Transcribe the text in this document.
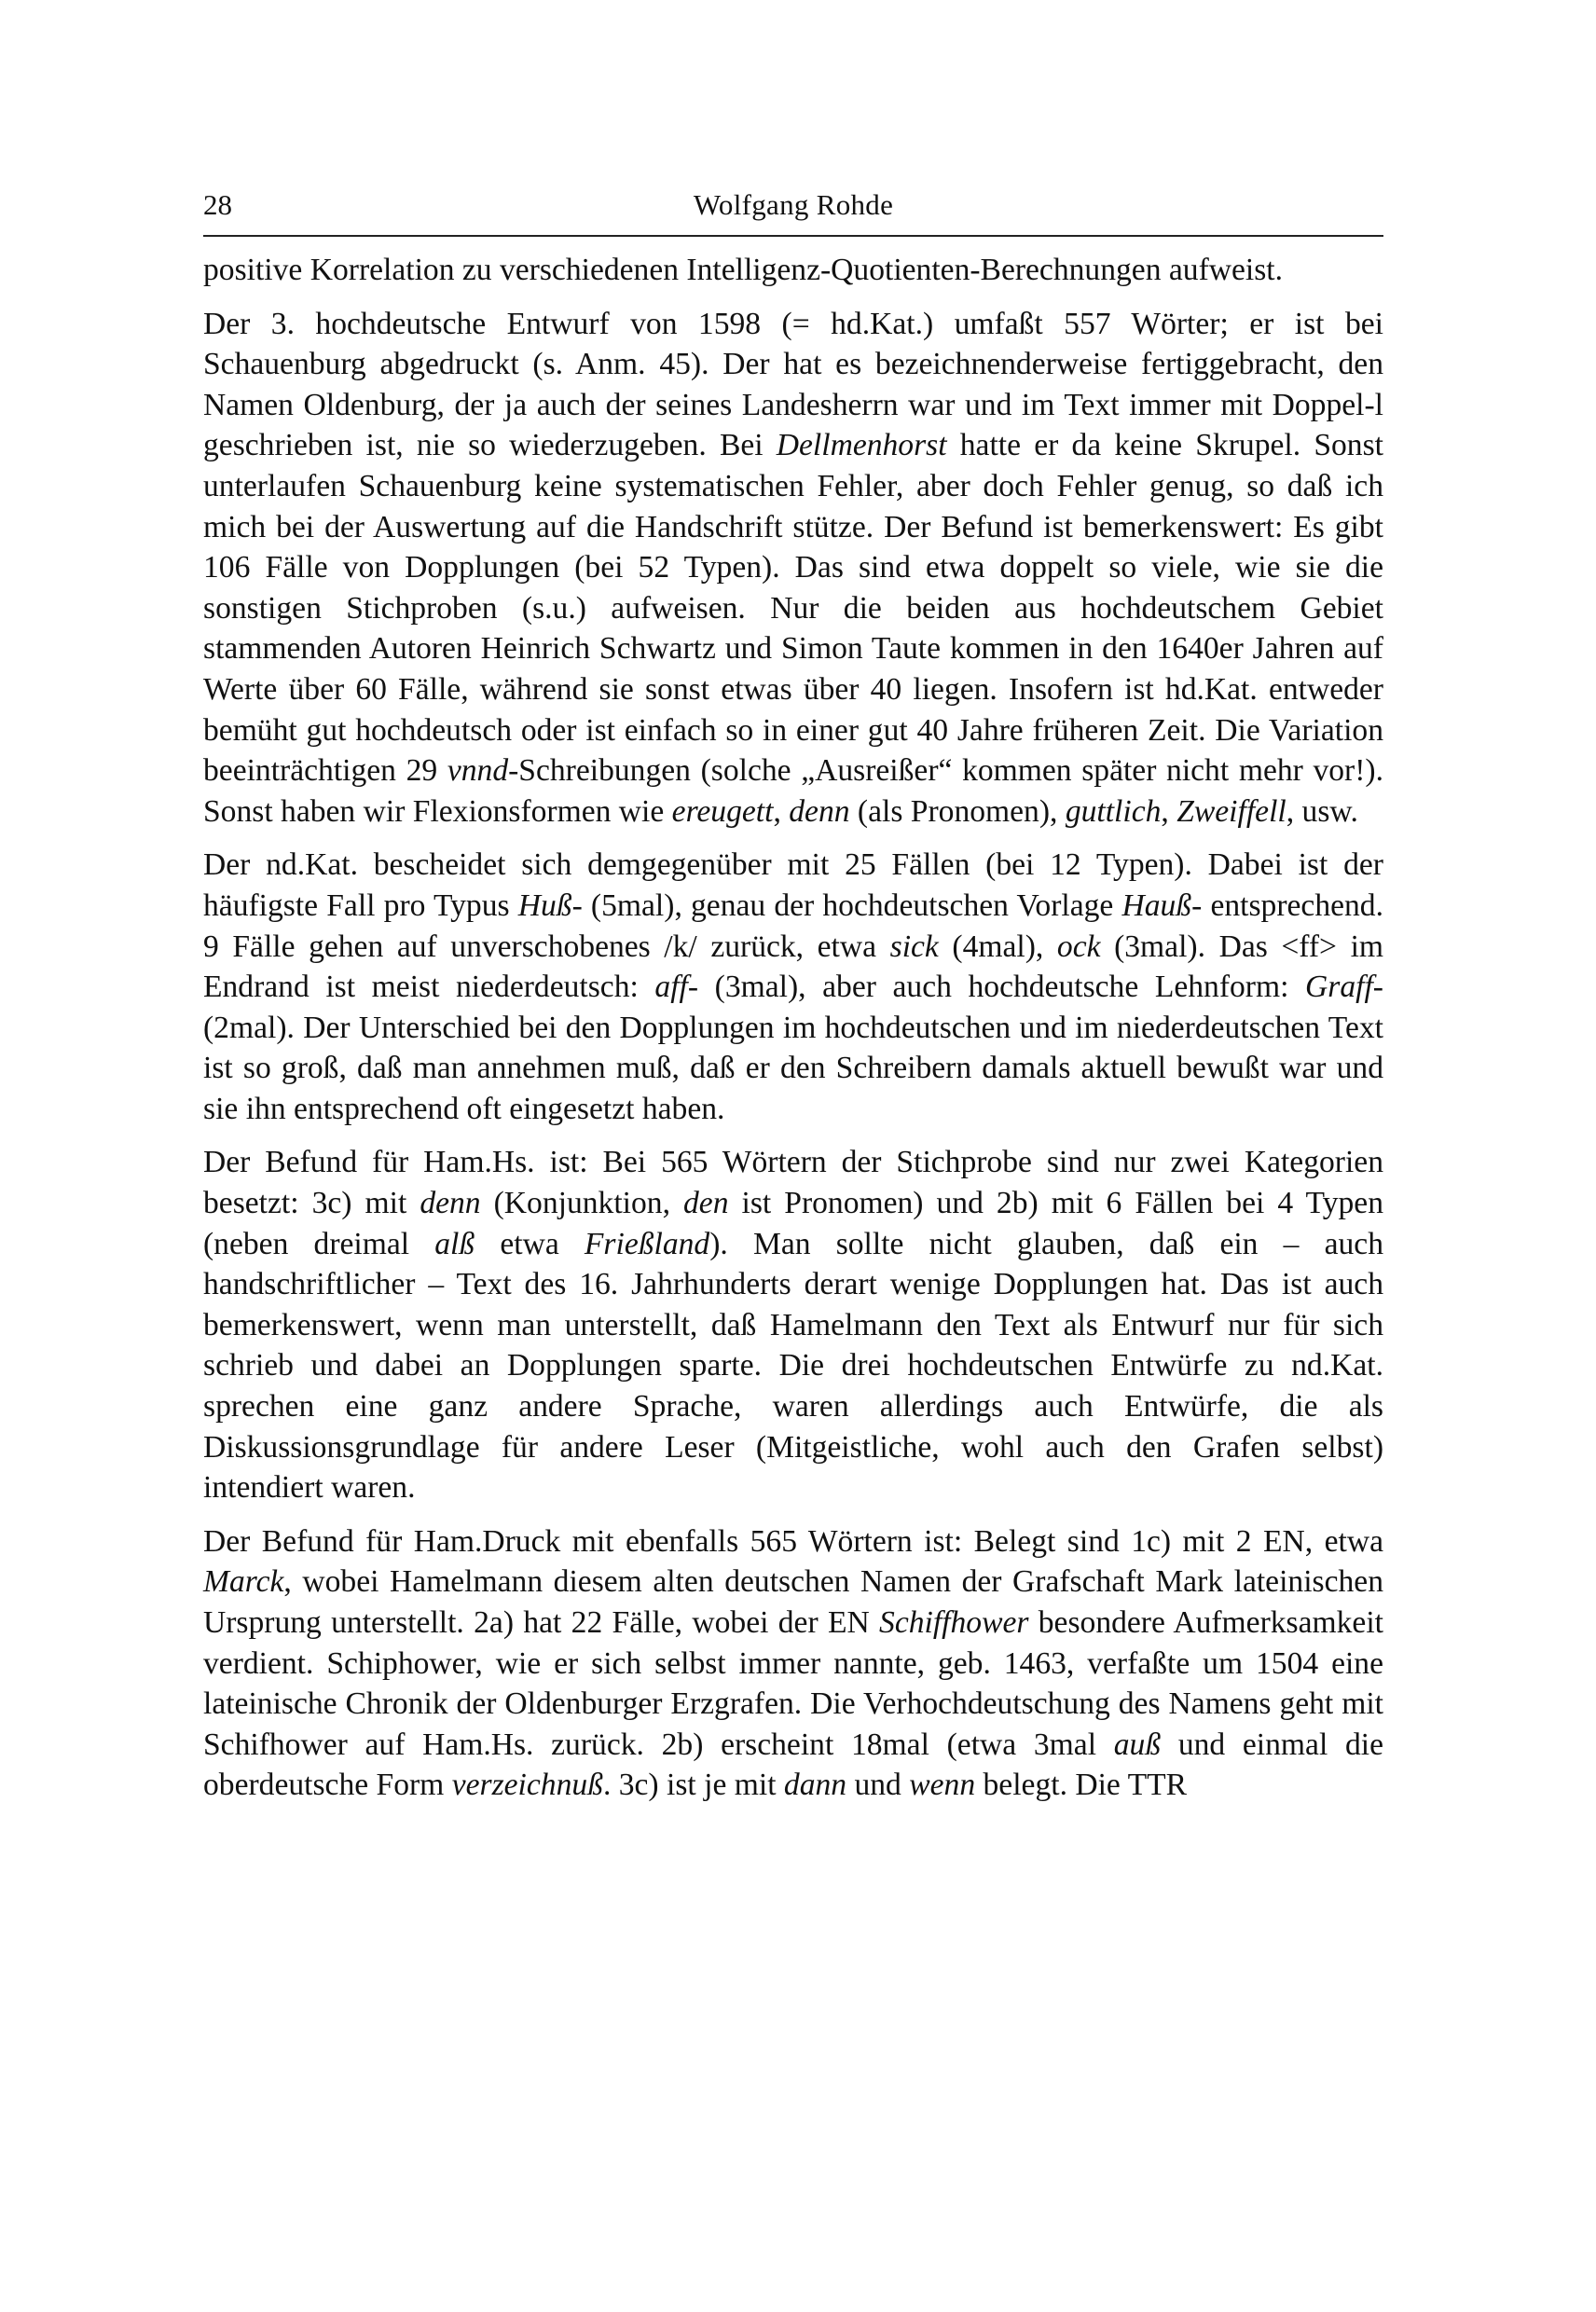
28	Wolfgang Rohde

positive Korrelation zu verschiedenen Intelligenz-Quotienten-Berechnungen aufweist.

Der 3. hochdeutsche Entwurf von 1598 (= hd.Kat.) umfaßt 557 Wörter; er ist bei Schauenburg abgedruckt (s. Anm. 45). Der hat es bezeichnenderweise fertiggebracht, den Namen Oldenburg, der ja auch der seines Landesherrn war und im Text immer mit Doppel-l geschrieben ist, nie so wiederzugeben. Bei Dellmenhorst hatte er da keine Skrupel. Sonst unterlaufen Schauenburg keine systematischen Fehler, aber doch Fehler genug, so daß ich mich bei der Auswertung auf die Handschrift stütze. Der Befund ist bemerkenswert: Es gibt 106 Fälle von Dopplungen (bei 52 Typen). Das sind etwa doppelt so viele, wie sie die sonstigen Stichproben (s.u.) aufweisen. Nur die beiden aus hochdeutschem Gebiet stammenden Autoren Heinrich Schwartz und Simon Taute kommen in den 1640er Jahren auf Werte über 60 Fälle, während sie sonst etwas über 40 liegen. Insofern ist hd.Kat. entweder bemüht gut hochdeutsch oder ist einfach so in einer gut 40 Jahre früheren Zeit. Die Variation beeinträchtigen 29 vnnd-Schreibungen (solche „Ausreißer“ kommen später nicht mehr vor!). Sonst haben wir Flexionsformen wie ereugett, denn (als Pronomen), guttlich, Zweiffell, usw.

Der nd.Kat. bescheidet sich demgegenüber mit 25 Fällen (bei 12 Typen). Dabei ist der häufigste Fall pro Typus Huß- (5mal), genau der hochdeutschen Vorlage Hauß- entsprechend. 9 Fälle gehen auf unverschobenes /k/ zurück, etwa sick (4mal), ock (3mal). Das <ff> im Endrand ist meist niederdeutsch: aff- (3mal), aber auch hochdeutsche Lehnform: Graff- (2mal). Der Unterschied bei den Dopplungen im hochdeutschen und im niederdeutschen Text ist so groß, daß man annehmen muß, daß er den Schreibern damals aktuell bewußt war und sie ihn entsprechend oft eingesetzt haben.

Der Befund für Ham.Hs. ist: Bei 565 Wörtern der Stichprobe sind nur zwei Kategorien besetzt: 3c) mit denn (Konjunktion, den ist Pronomen) und 2b) mit 6 Fällen bei 4 Typen (neben dreimal alß etwa Frießland). Man sollte nicht glauben, daß ein – auch handschriftlicher – Text des 16. Jahrhunderts derart wenige Dopplungen hat. Das ist auch bemerkenswert, wenn man unterstellt, daß Hamelmann den Text als Entwurf nur für sich schrieb und dabei an Dopplungen sparte. Die drei hochdeutschen Entwürfe zu nd.Kat. sprechen eine ganz andere Sprache, waren allerdings auch Entwürfe, die als Diskussionsgrundlage für andere Leser (Mitgeistliche, wohl auch den Grafen selbst) intendiert waren.

Der Befund für Ham.Druck mit ebenfalls 565 Wörtern ist: Belegt sind 1c) mit 2 EN, etwa Marck, wobei Hamelmann diesem alten deutschen Namen der Grafschaft Mark lateinischen Ursprung unterstellt. 2a) hat 22 Fälle, wobei der EN Schiffhower besondere Aufmerksamkeit verdient. Schiphower, wie er sich selbst immer nannte, geb. 1463, verfaßte um 1504 eine lateinische Chronik der Oldenburger Erzgrafen. Die Verhochdeutschung des Namens geht mit Schifhower auf Ham.Hs. zurück. 2b) erscheint 18mal (etwa 3mal auß und einmal die oberdeutsche Form verzeichnuß. 3c) ist je mit dann und wenn belegt. Die TTR
